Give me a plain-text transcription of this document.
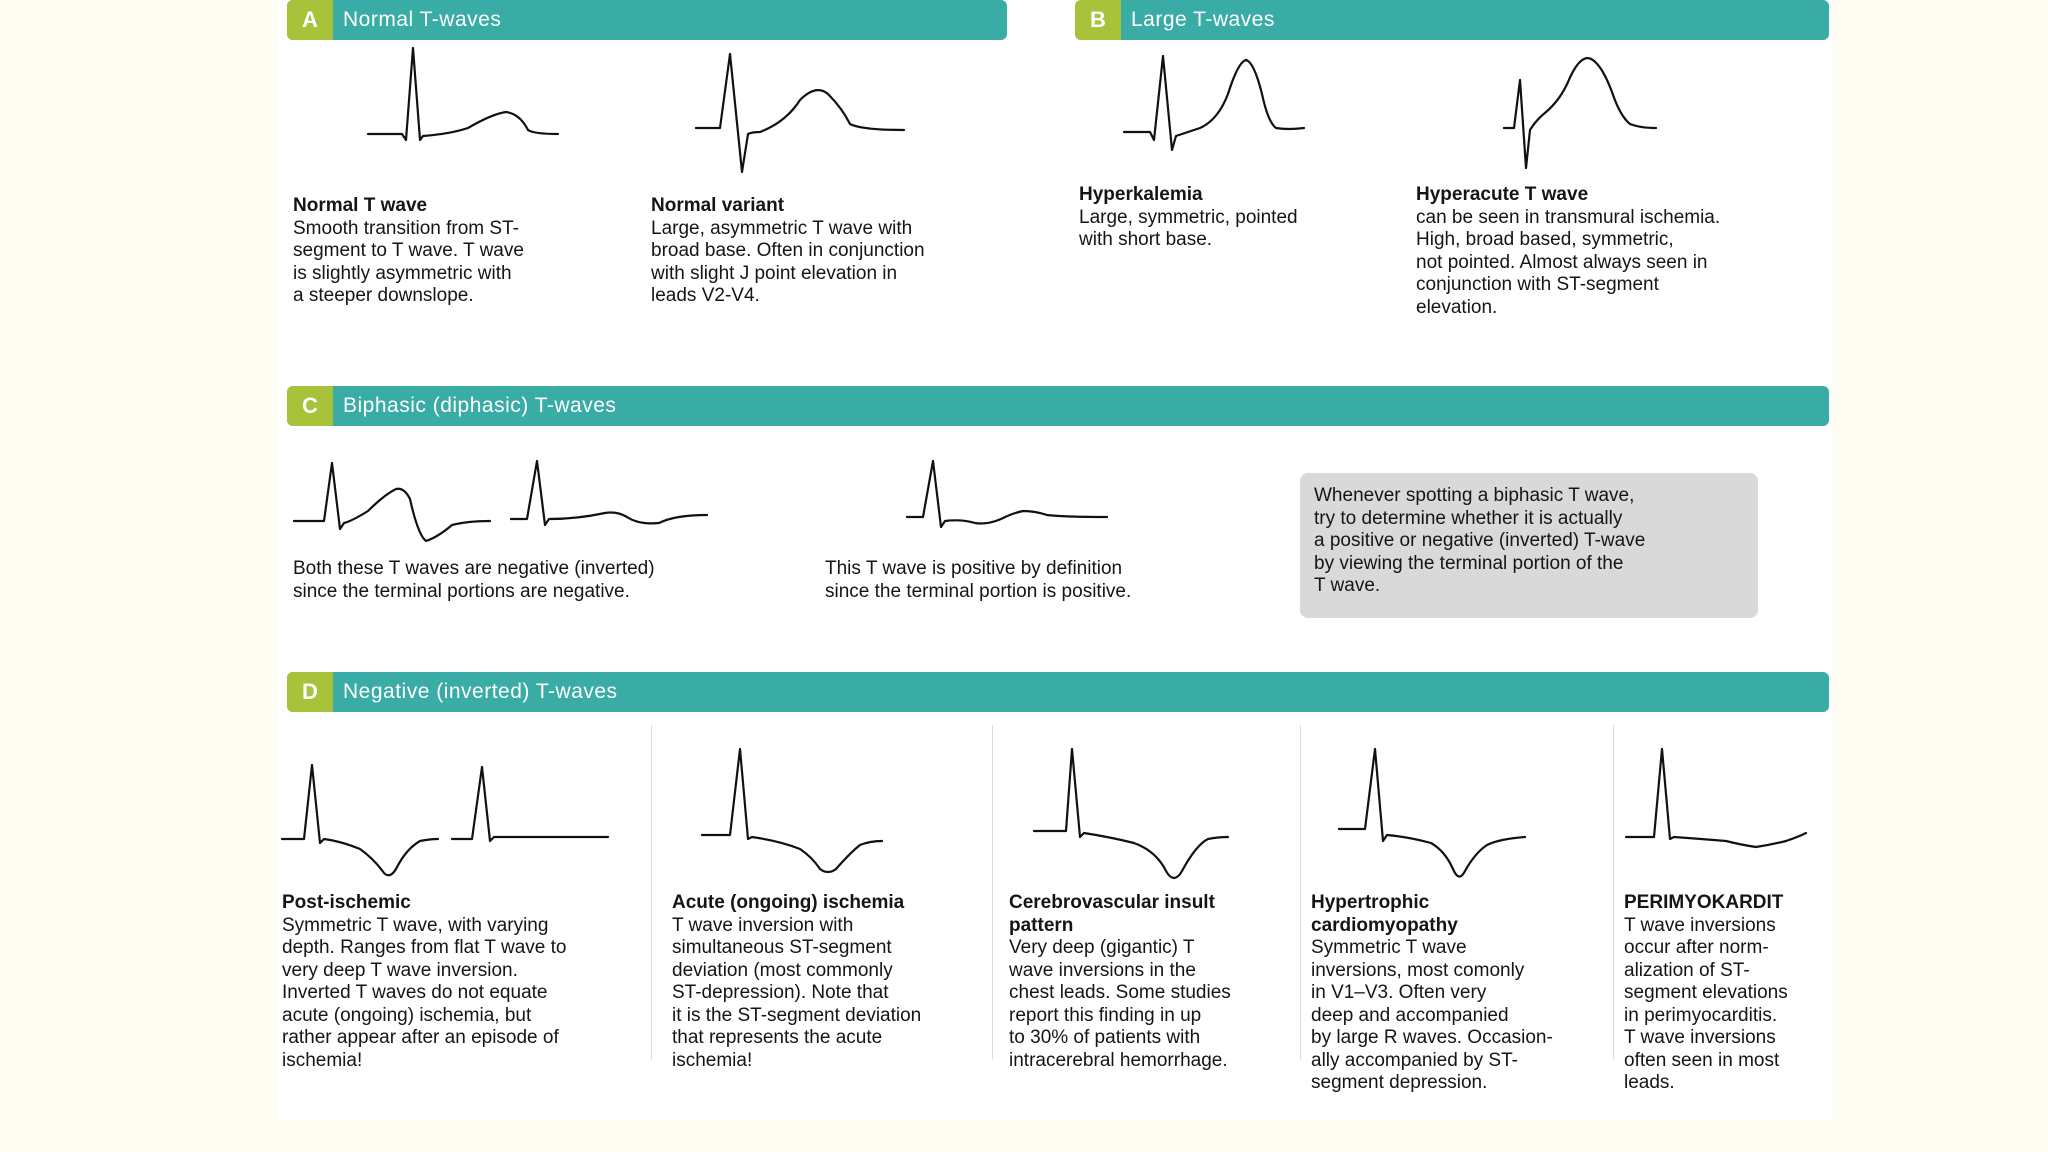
A	Normal T-waves	B	Large T-waves
Normal T wave
Smooth transition from ST-
segment to T wave. T wave
is slightly asymmetric with
a steeper downslope.
Normal variant
Large, asymmetric T wave with
broad base. Often in conjunction
with slight J point elevation in
leads V2-V4.
Hyperkalemia
Large, symmetric, pointed
with short base.
Hyperacute T wave
can be seen in transmural ischemia.
High, broad based, symmetric,
not pointed. Almost always seen in
conjunction with ST-segment
elevation.
C	Biphasic (diphasic) T-waves
Both these T waves are negative (inverted)
since the terminal portions are negative.
This T wave is positive by definition
since the terminal portion is positive.
Whenever spotting a biphasic T wave,
try to determine whether it is actually
a positive or negative (inverted) T-wave
by viewing the terminal portion of the
T wave.
D	Negative (inverted) T-waves
Post-ischemic
Symmetric T wave, with varying
depth. Ranges from flat T wave to
very deep T wave inversion.
Inverted T waves do not equate
acute (ongoing) ischemia, but
rather appear after an episode of
ischemia!
Acute (ongoing) ischemia
T wave inversion with
simultaneous ST-segment
deviation (most commonly
ST-depression). Note that
it is the ST-segment deviation
that represents the acute
ischemia!
Cerebrovascular insult
pattern
Very deep (gigantic) T
wave inversions in the
chest leads. Some studies
report this finding in up
to 30% of patients with
intracerebral hemorrhage.
Hypertrophic
cardiomyopathy
Symmetric T wave
inversions, most comonly
in V1–V3. Often very
deep and accompanied
by large R waves. Occasion-
ally accompanied by ST-
segment depression.
PERIMYOKARDIT
T wave inversions
occur after norm-
alization of ST-
segment elevations
in perimyocarditis.
T wave inversions
often seen in most
leads.
